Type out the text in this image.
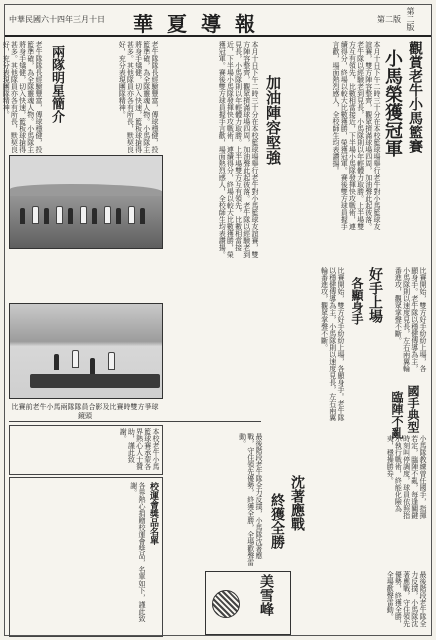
中華民國六十四年三月十日 華夏導報	第二版 第二版
觀賞老牛小馬籃賽
小馬榮獲冠軍
本月十日下午二時三十分在本校籃球場舉行老牛對小馬籃球友誼賽，雙方陣容整齊，觀眾擠滿球場四周，加油聲此起彼落。老牛隊以經驗老到見長，小馬隊則以年輕體力取勝。上半場雙方互有領先，比數相當接近，下半場小馬隊發揮快攻戰術，連續得分，終場以較大比數獲勝，榮獲冠軍。賽後雙方球員握手言歡，場面熱烈感人，全校師生均表讚揚。
加油陣容堅強
本月十日下午二時三十分在本校籃球場舉行老牛對小馬籃球友誼賽，雙方陣容整齊，觀眾擠滿球場四周，加油聲此起彼落。老牛隊以經驗老到見長，小馬隊則以年輕體力取勝。上半場雙方互有領先，比數相當接近，下半場小馬隊發揮快攻戰術，連續得分，終場以較大比數獲勝，榮獲冠軍。賽後雙方球員握手言歡，場面熱烈感人，全校師生均表讚揚。
兩隊明星簡介	老牛隊隊長經驗豐富，傳球穩健，投籃準確，為全隊靈魂人物。小馬隊主將身手矯健，切入快速，籃板球搶得甚多。其他隊員亦各有所長，默契良好，充分表現團隊精神。
老牛隊隊長經驗豐富，傳球穩健，投籃準確，為全隊靈魂人物。小馬隊主將身手矯健，切入快速，籃板球搶得甚多。其他隊員亦各有所長，默契良好，充分表現團隊精神。
比賽前老牛小馬兩隊隊員合影及比賽時雙方爭球鏡頭
好手上場
各顯身手
比賽開始，雙方好手紛紛上場，各顯身手。老牛隊以穩健傳導為主，小馬隊則以速度見長，左右兩翼輪番進攻，觀眾掌聲不斷。	比賽開始，雙方好手紛紛上場，各顯身手。老牛隊以穩健傳導為主，小馬隊則以速度見長，左右兩翼輪番進攻，觀眾掌聲不斷。
國手典型
臨陣不亂
小馬隊教練曾任國手，指揮若定，臨陣不亂，每逢關鍵時刻叫停調度，球員依照指示執行戰術，終能化險為夷，穩操勝券。
沈著應戰
終獲全勝
最後階段老牛隊全力反撲，小馬隊沈著應戰，守住領先優勢，終獲全勝，全場歡聲雷動。
本校老牛小馬籃球賽承蒙各界熱心人士贊助，謹此致謝。
校運會獎品名單
各界熱心捐贈校運會獎品，名單如下，謹此致謝。
美雪峰	最後階段老牛隊全力反撲，小馬隊沈著應戰，守住領先優勢，終獲全勝，全場歡聲雷動。
